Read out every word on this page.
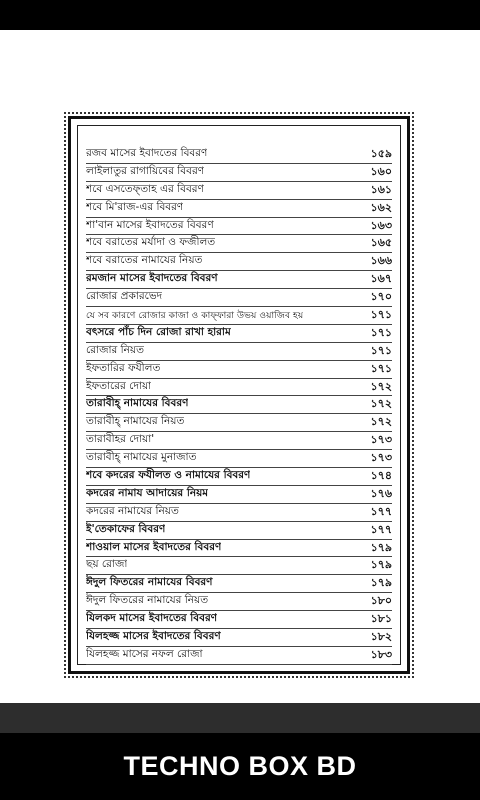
রজব মাসের ইবাদতের বিবরণ	১৫৯
লাইলাতুর রাগায়িবের বিবরণ	১৬০
শবে এসতেফ্তাহ এর বিবরণ	১৬১
শবে মি'রাজ-এর বিবরণ	১৬২
শা'বান মাসের ইবাদতের বিবরণ	১৬৩
শবে বরাতের মর্যাদা ও ফজীলত	১৬৫
শবে বরাতের নামাযের নিয়ত	১৬৬
রমজান মাসের ইবাদতের বিবরণ	১৬৭
রোজার প্রকারভেদ	১৭০
যে সব কারণে রোজার কাজা ও কাফ্ফারা উভয় ওয়াজিব হয়	১৭১
বৎসরে পাঁচ দিন রোজা রাখা হারাম	১৭১
রোজার নিয়ত	১৭১
ইফতারির ফযীলত	১৭১
ইফতারের দোয়া	১৭২
তারাবীহ্ নামাযের বিবরণ	১৭২
তারাবীহ্ নামাযের নিয়ত	১৭২
তারাবীহর দোয়া'	১৭৩
তারাবীহ্ নামাযের মুনাজাত	১৭৩
শবে কদরের ফযীলত ও নামাযের বিবরণ	১৭৪
কদরের নামায আদায়ের নিয়ম	১৭৬
কদরের নামাযের নিয়ত	১৭৭
ই'তেকাফের বিবরণ	১৭৭
শাওয়াল মাসের ইবাদতের বিবরণ	১৭৯
ছয় রোজা	১৭৯
ঈদুল ফিতরের নামাযের বিবরণ	১৭৯
ঈদুল ফিতরের নামাযের নিয়ত	১৮০
যিলকদ মাসের ইবাদতের বিবরণ	১৮১
যিলহজ্জ মাসের ইবাদতের বিবরণ	১৮২
যিলহজ্জ মাসের নফল রোজা	১৮৩
TECHNO BOX BD
